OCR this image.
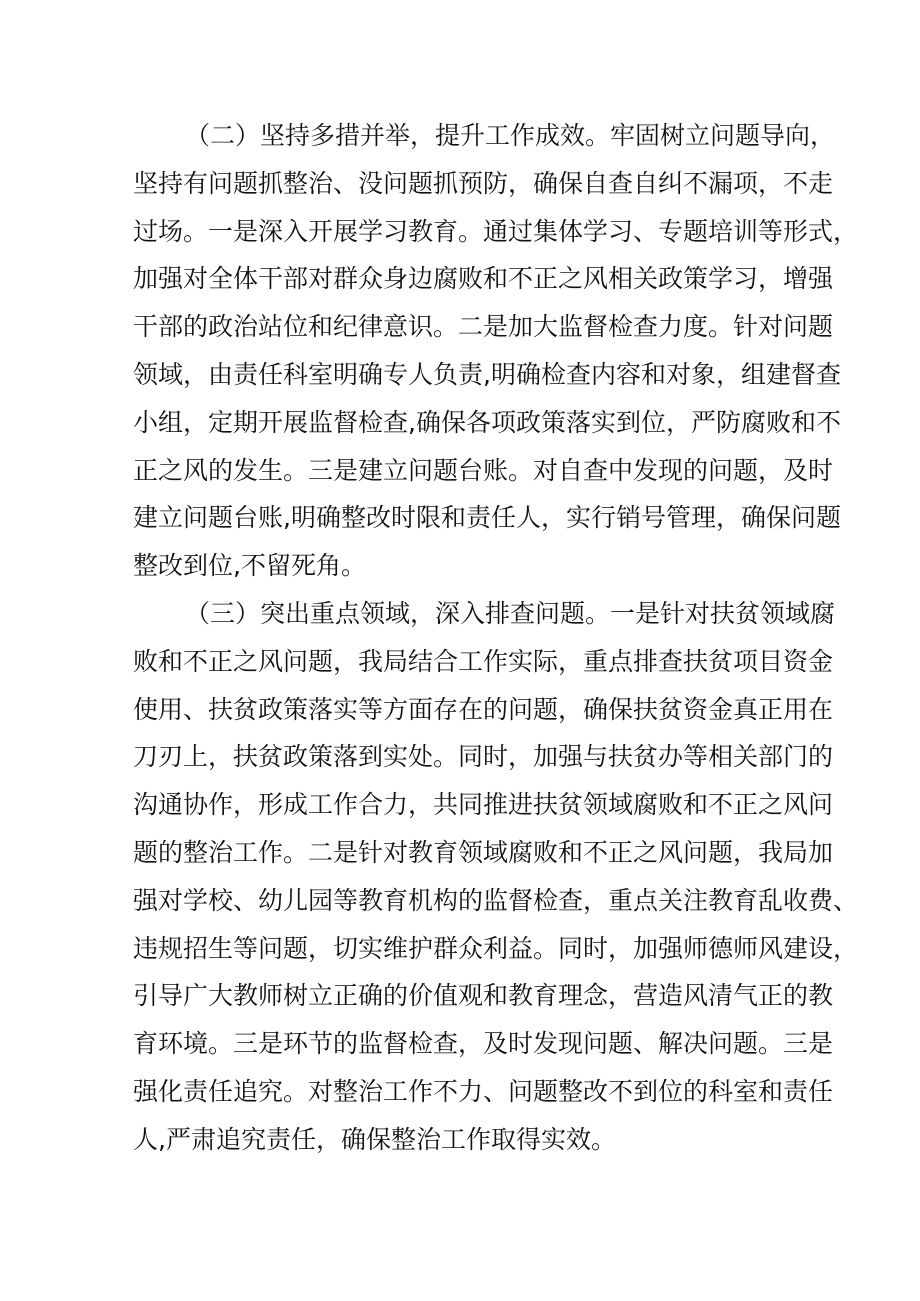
（二）坚持多措并举，提升工作成效。牢固树立问题导向，
坚持有问题抓整治、没问题抓预防，确保自查自纠不漏项，不走
过场。一是深入开展学习教育。通过集体学习、专题培训等形式，
加强对全体干部对群众身边腐败和不正之风相关政策学习，增强
干部的政治站位和纪律意识。二是加大监督检查力度。针对问题
领域，由责任科室明确专人负责,明确检查内容和对象，组建督查
小组，定期开展监督检查,确保各项政策落实到位，严防腐败和不
正之风的发生。三是建立问题台账。对自查中发现的问题，及时
建立问题台账,明确整改时限和责任人，实行销号管理，确保问题
整改到位,不留死角。
（三）突出重点领域，深入排查问题。一是针对扶贫领域腐
败和不正之风问题，我局结合工作实际，重点排查扶贫项目资金
使用、扶贫政策落实等方面存在的问题，确保扶贫资金真正用在
刀刃上，扶贫政策落到实处。同时，加强与扶贫办等相关部门的
沟通协作，形成工作合力，共同推进扶贫领域腐败和不正之风问
题的整治工作。二是针对教育领域腐败和不正之风问题，我局加
强对学校、幼儿园等教育机构的监督检查，重点关注教育乱收费、
违规招生等问题，切实维护群众利益。同时，加强师德师风建设，
引导广大教师树立正确的价值观和教育理念，营造风清气正的教
育环境。三是环节的监督检查，及时发现问题、解决问题。三是
强化责任追究。对整治工作不力、问题整改不到位的科室和责任
人,严肃追究责任，确保整治工作取得实效。
